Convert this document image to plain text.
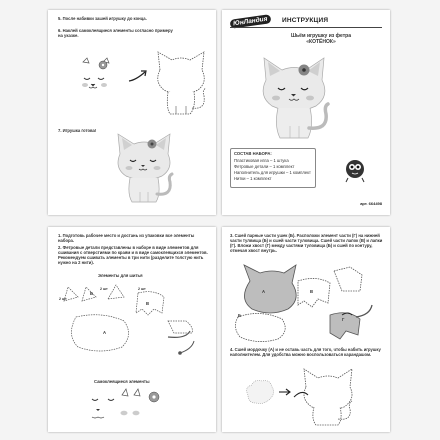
5. После набивки зашей игрушку до конца.
6. Наклей самоклеящиеся элементы согласно примеру на указке.
7. Игрушка готова!
ЮнЛандия	ИНСТРУКЦИЯ
Шьём игрушку из фетра
«КОТЁНОК»
СОСТАВ НАБОРА:
Пластиковая игла – 1 штука
Фетровые детали – 1 комплект
Наполнитель для игрушки – 1 комплект
Нитки – 1 комплект
арт. 664498
1. Подготовь рабочее место и достань из упаковки все элементы набора.
2. Фетровые детали представлены в наборе в виде элементов для сшивания с отверстиями по краям и в виде самоклеящихся элементов. Рекомендуем сшивать элементы в три нити (разделите толстую нить нужно на 2 нити).
Элементы для шитья
2 шт
2 шт	2 шт
А
Б
В
Самоклеящиеся элементы
3. Сшей парные части ушек (Б). Расположи элемент части (Г) на нижней части тулвища (Б) и сшей части туловища. Сшей части лапок (В) и лапки (Г). Вложи хвост (Г) между частями туловища (Б) и сшей по контуру, отмечая хвост внутрь.
А
Б
В
Г
4. Сшей мордочку (А) и не оставь часть для того, чтобы набить игрушку наполнителем. Для удобства можно воспользоваться карандашом.
